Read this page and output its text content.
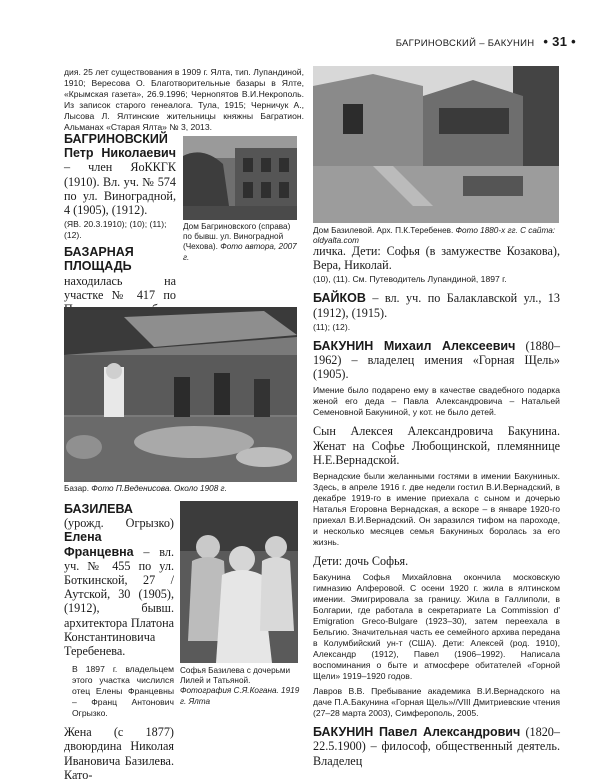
БАГРИНОВСКИЙ – БАКУНИН • 31 •

дия. 25 лет существования в 1909 г. Ялта, тип. Лупандиной, 1910; Вересова О. Благотворительные базары в Ялте, «Крымская газета», 26.9.1996; Чернопятов В.И.Некрополь. Из записок старого генеалогa. Тула, 1915; Черничук А., Лысова Л. Ялтинские жительницы княжны Багратион. Альманах «Старая Ялта» № 3, 2013.

БАГРИНОВСКИЙ Петр Николаевич – член ЯоККГК (1910). Вл. уч. № 574 по ул. Виноградной, 4 (1905), (1912).

(ЯВ. 20.3.1910); (10); (11); (12).

БАЗАРНАЯ ПЛОЩАДЬ находилась на участке № 417 по

Дом Багриновского (справа) по бывш. ул. Виноградной (Чехова). Фото автора, 2007 г.

Базар. Фото П.Веденисова. Около 1908 г.

БАЗИЛЕВА (урожд. Огрызко) Елена Францевна – вл. уч. № 455 по ул. Боткинской, 27 / Аутской, 30 (1905), (1912), бывш. архитектора Платона Константиновича Теребенева.

В 1897 г. владельцем этого участка числился отец Елены Францевны – Франц Антонович Огрызко.

Жена (с 1877) двоюрдина Николая Ивановича Базилева. Като-

Софья Базилева с дочерьми Лилей и Татьяной. Фотография С.Я.Когана. 1919 г. Ялта

Дом Базилевой. Арх. П.К.Теребенев. Фото 1880-х гг. С сайта: oldyalta.com

личка. Дети: Софья (в замужестве Козакова), Вера, Николай.

(10), (11). См. Путеводитель Лупандиной, 1897 г.

БАЙКОВ – вл. уч. по Балаклавской ул., 13 (1912), (1915).

(11); (12).

БАКУНИН Михаил Алексеевич (1880–1962) – владелец имения «Горная Щель» (1905).

Имение было подарено ему в качестве свадебного подарка женой его деда – Павла Александровича – Натальей Семеновной Бакуниной, у кот. не было детей.

Сын Алексея Александровича Бакунина. Женат на Софье Любощинской, племяннице Н.Е.Вернадской.

Вернадские были желанными гостями в имении Бакуниных. Здесь, в апреле 1916 г. две недели гостил В.И.Вернадский, в декабре 1919-го в имение приехала с сыном и дочерью Наталья Егоровна Вернадская, а вскоре – в январе 1920-го приехал В.И.Вернадский. Он заразился тифом на пароходе, и несколько месяцев семья Бакуниных боролась за его жизнь.

Дети: дочь Софья.

Бакунина Софья Михайловна окончила московскую гимназию Алферовой. С осени 1920 г. жила в ялтинском имении. Эмигрировала за границу. Жила в Галлиполи, в Болгарии, где работала в секретариате La Commission d' Emigration Greco-Bulgare (1923–30), затем переехала в Бельгию. Значительная часть ее семейного архива передана в Колумбийский ун-т (США). Дети: Алексей (род. 1910), Александр (1912), Павел (1906–1992). Написала воспоминания о быте и атмосфере обитателей «Горной Щели» 1919–1920 годов.

Лавров В.В. Пребывание академика В.И.Вернадского на даче П.А.Бакунина «Горная Щель»//VIII Дмитриевские чтения (27–28 марта 2003), Симферополь, 2005.

БАКУНИН Павел Александрович (1820–22.5.1900) – философ, общественный деятель. Владелец
